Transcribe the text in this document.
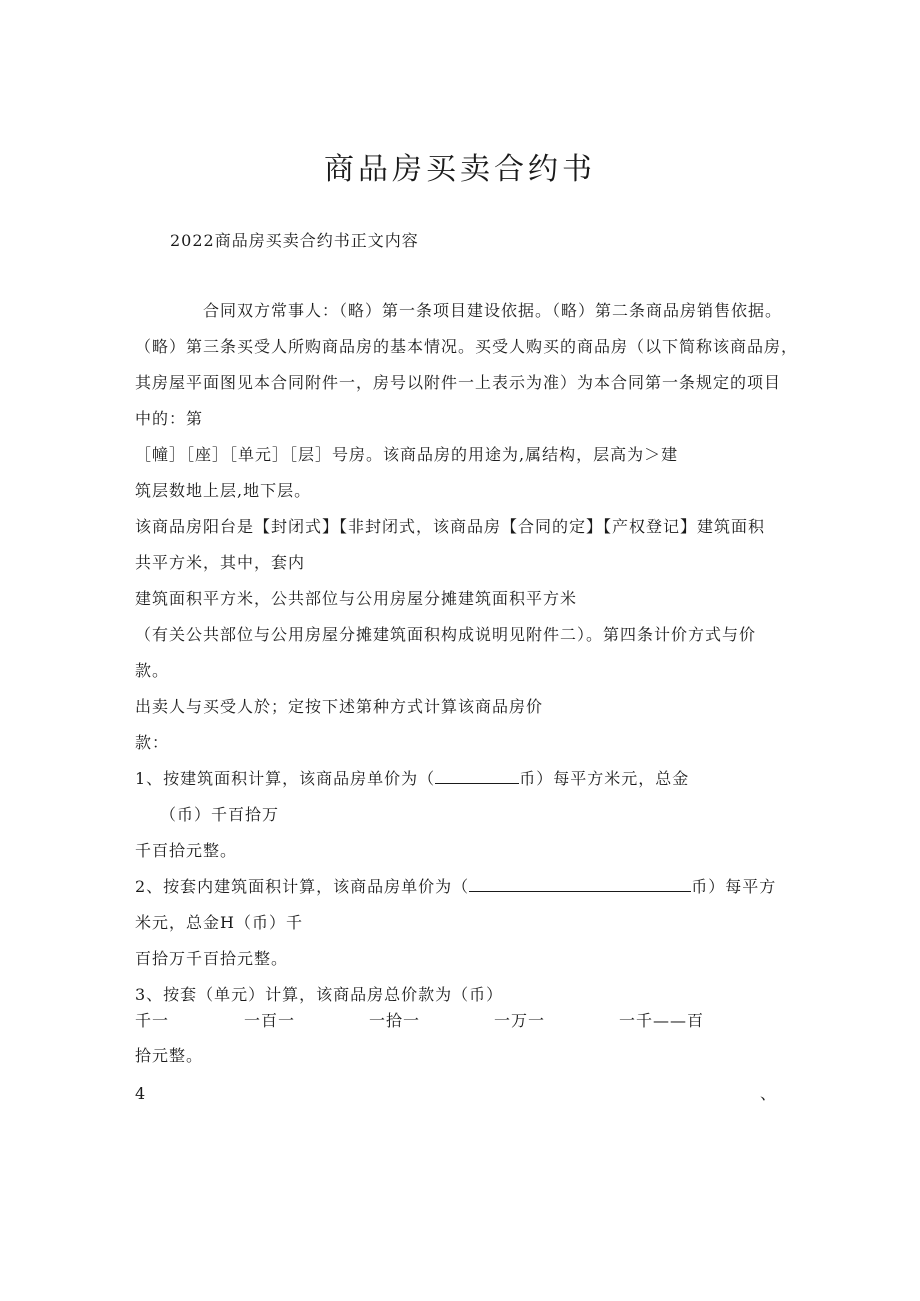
商品房买卖合约书
2022商品房买卖合约书正文内容
合同双方常事人：（略）第一条项目建设依据。（略）第二条商品房销售依据。
（略）第三条买受人所购商品房的基本情况。买受人购买的商品房（以下简称该商品房，
其房屋平面图见本合同附件一，房号以附件一上表示为准）为本合同第一条规定的项目
中的：第
［幢］［座］［单元］［层］号房。该商品房的用途为,属结构，层高为＞建
筑层数地上层,地下层。
该商品房阳台是【封闭式】【非封闭式，该商品房【合同的定】【产权登记】建筑面积
共平方米，其中，套内
建筑面积平方米，公共部位与公用房屋分摊建筑面积平方米
（有关公共部位与公用房屋分摊建筑面积构成说明见附件二）。第四条计价方式与价
款。
出卖人与买受人於；定按下述第种方式计算该商品房价
款：
1、按建筑面积计算，该商品房单价为（	币）每平方米元，总金
（币）千百拾万
千百拾元整。
2、按套内建筑面积计算，该商品房单价为（	币）每平方
米元，总金H（币）千
百拾万千百拾元整。
3、按套（单元）计算，该商品房总价款为（币）
千一	一百一	一拾一	一万一	一千——百
拾元整。
4	、
